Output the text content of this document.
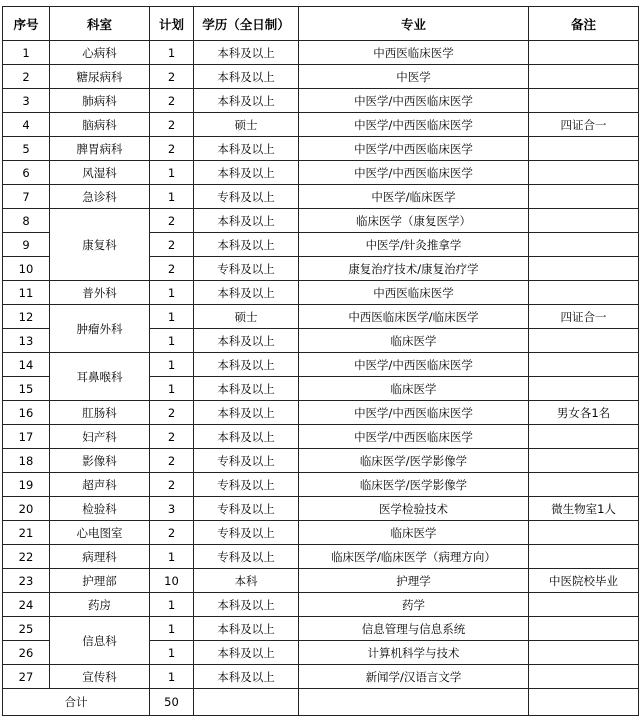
序号	科室	计划	学历（全日制）	专业	备注
1	心病科	1	本科及以上	中西医临床医学	
2	糖尿病科	2	本科及以上	中医学	
3	肺病科	2	本科及以上	中医学/中西医临床医学	
4	脑病科	2	硕士	中医学/中西医临床医学	四证合一
5	脾胃病科	2	本科及以上	中医学/中西医临床医学	
6	风湿科	1	本科及以上	中医学/中西医临床医学	
7	急诊科	1	专科及以上	中医学/临床医学	
8	康复科	2	本科及以上	临床医学（康复医学）	
9		2	本科及以上	中医学/针灸推拿学	
10		2	专科及以上	康复治疗技术/康复治疗学	
11	普外科	1	本科及以上	中西医临床医学	
12	肿瘤外科	1	硕士	中西医临床医学/临床医学	四证合一
13		1	本科及以上	临床医学	
14	耳鼻喉科	1	本科及以上	中医学/中西医临床医学	
15		1	本科及以上	临床医学	
16	肛肠科	2	本科及以上	中医学/中西医临床医学	男女各1名
17	妇产科	2	本科及以上	中医学/中西医临床医学	
18	影像科	2	专科及以上	临床医学/医学影像学	
19	超声科	2	专科及以上	临床医学/医学影像学	
20	检验科	3	专科及以上	医学检验技术	微生物室1人
21	心电图室	2	专科及以上	临床医学	
22	病理科	1	专科及以上	临床医学/临床医学（病理方向）	
23	护理部	10	本科	护理学	中医院校毕业
24	药房	1	本科及以上	药学	
25	信息科	1	本科及以上	信息管理与信息系统	
26		1	本科及以上	计算机科学与技术	
27	宣传科	1	本科及以上	新闻学/汉语言文学	
合计		50			
